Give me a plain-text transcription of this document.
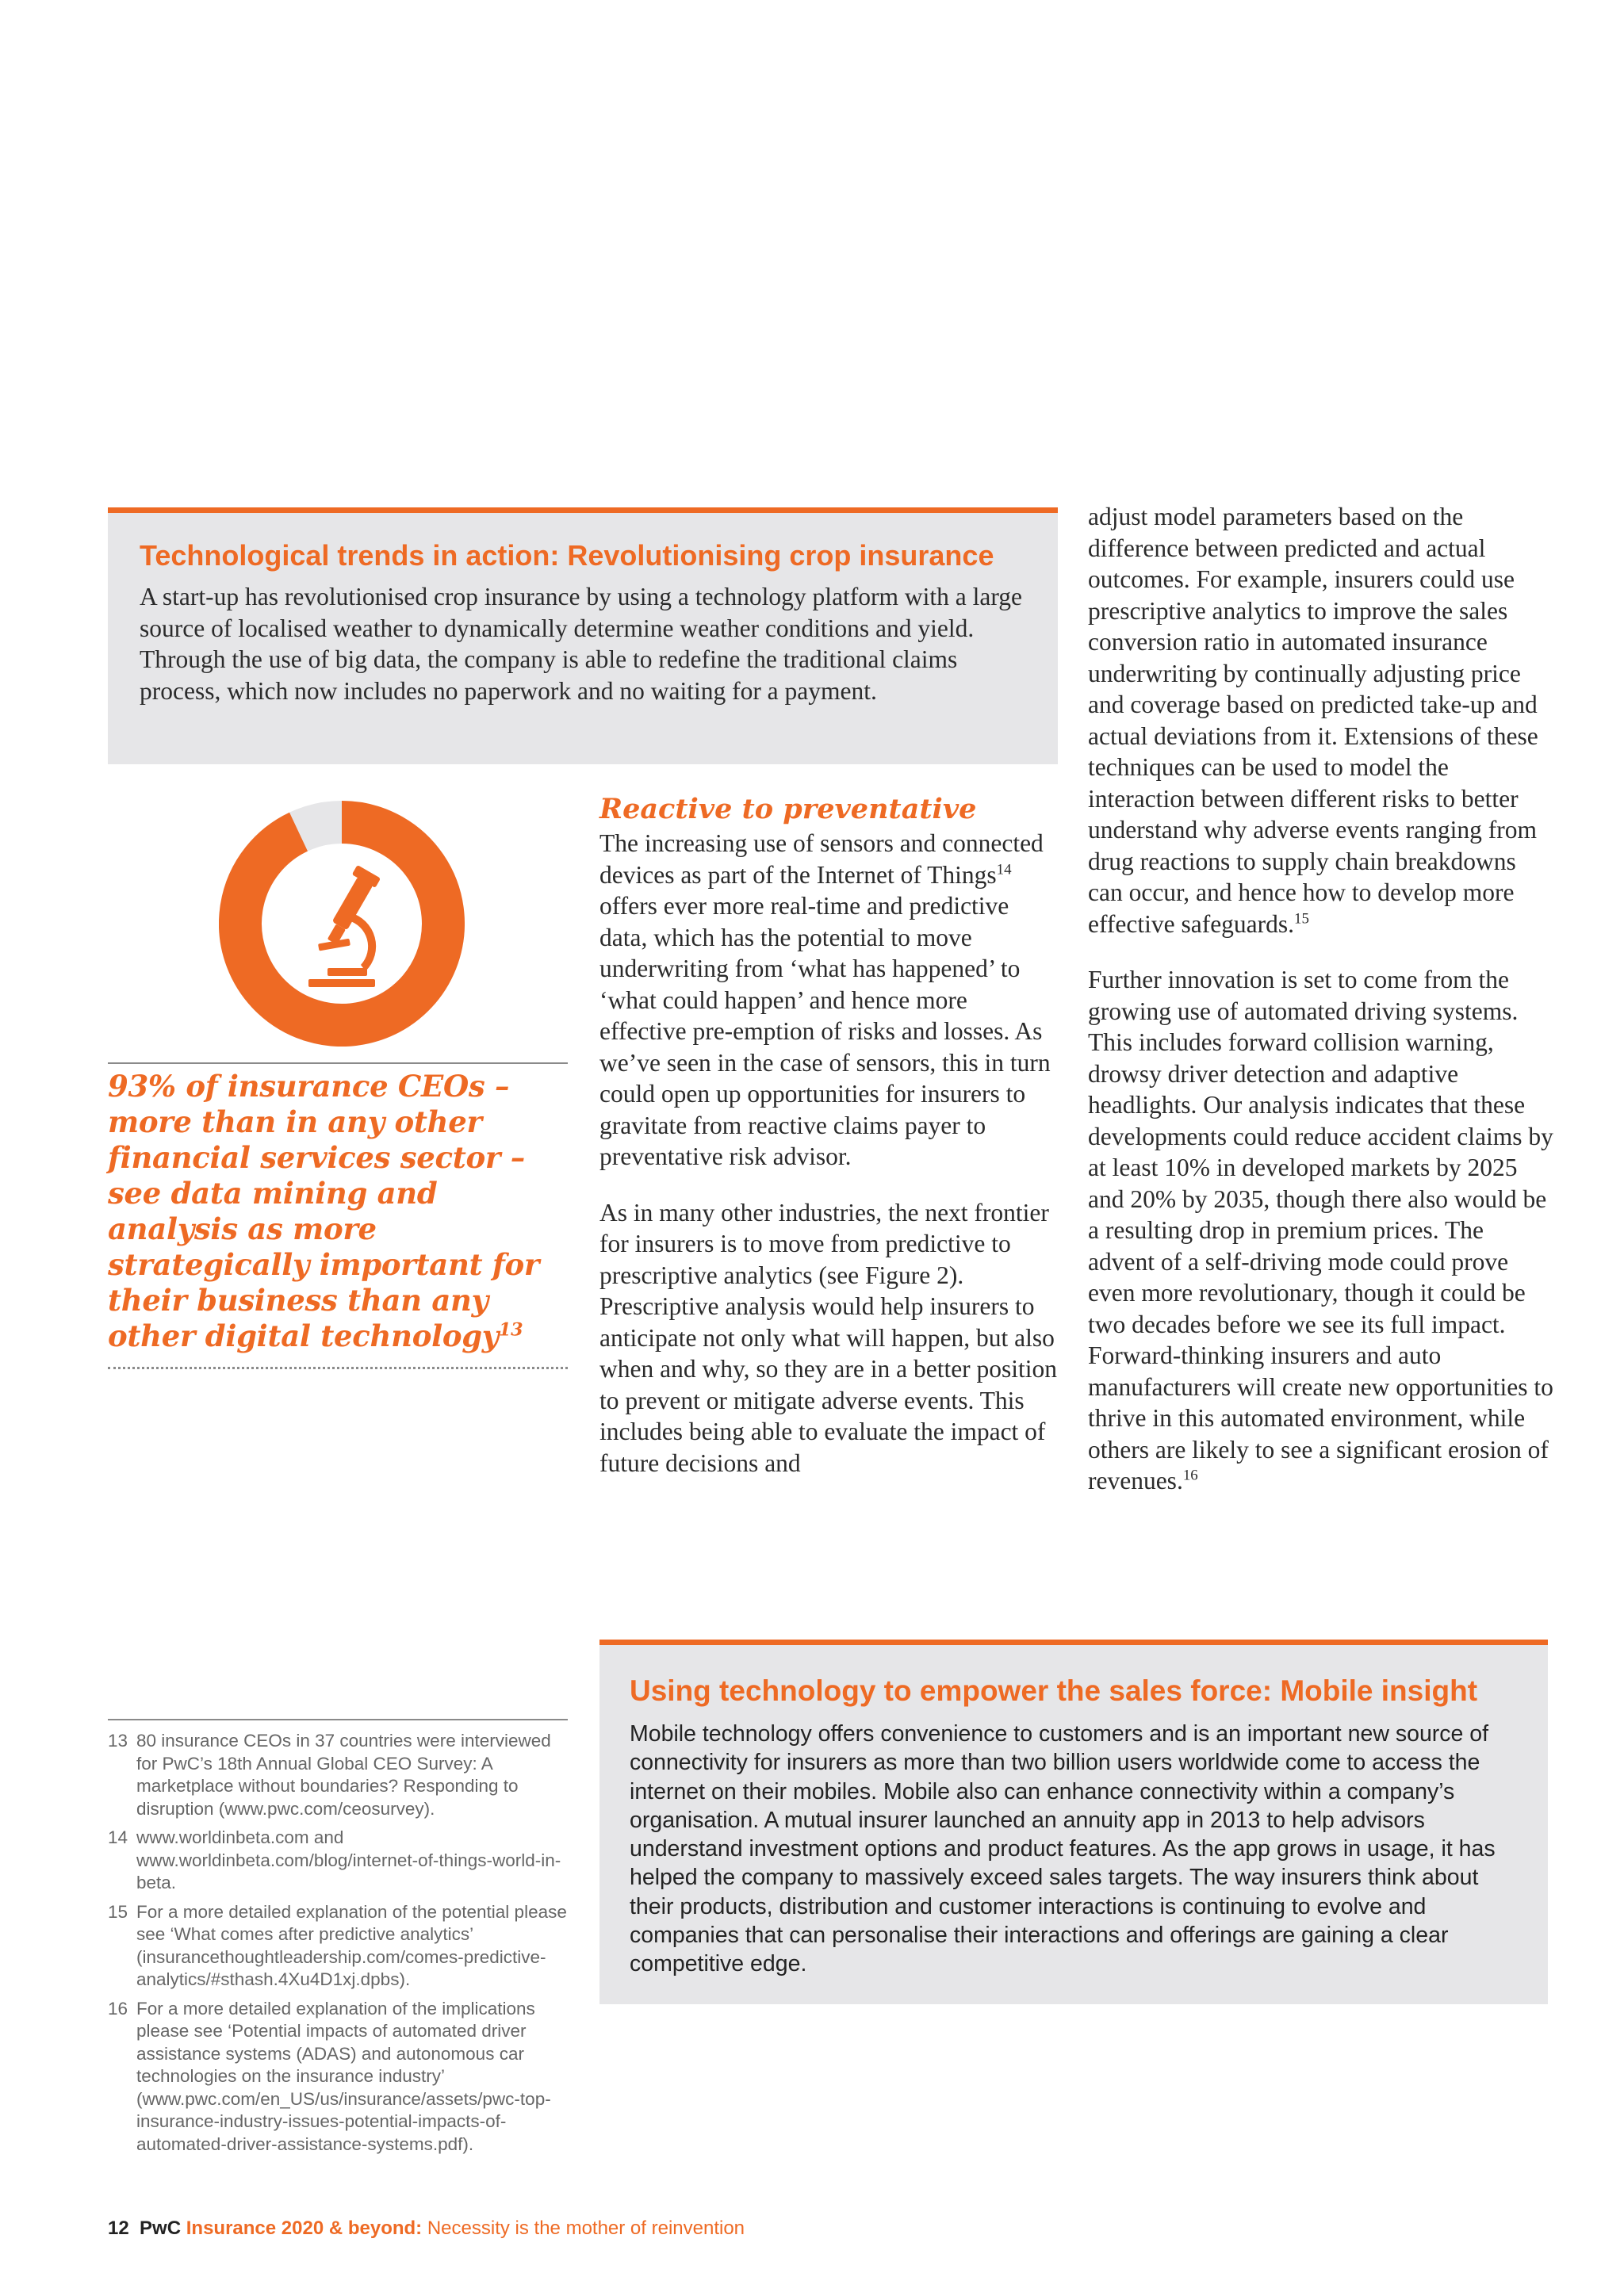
Technological trends in action: Revolutionising crop insurance

A start-up has revolutionised crop insurance by using a technology platform with a large source of localised weather to dynamically determine weather conditions and yield. Through the use of big data, the company is able to redefine the traditional claims process, which now includes no paperwork and no waiting for a payment.

93% of insurance CEOs – more than in any other financial services sector – see data mining and analysis as more strategically important for their business than any other digital technology$^{13}$

Reactive to preventative

The increasing use of sensors and connected devices as part of the Internet of Things$^{14}$ offers ever more real-time and predictive data, which has the potential to move underwriting from ‘what has happened’ to ‘what could happen’ and hence more effective pre-emption of risks and losses. As we’ve seen in the case of sensors, this in turn could open up opportunities for insurers to gravitate from reactive claims payer to preventative risk advisor.

As in many other industries, the next frontier for insurers is to move from predictive to prescriptive analytics (see Figure 2). Prescriptive analysis would help insurers to anticipate not only what will happen, but also when and why, so they are in a better position to prevent or mitigate adverse events. This includes being able to evaluate the impact of future decisions and

adjust model parameters based on the difference between predicted and actual outcomes. For example, insurers could use prescriptive analytics to improve the sales conversion ratio in automated insurance underwriting by continually adjusting price and coverage based on predicted take-up and actual deviations from it. Extensions of these techniques can be used to model the interaction between different risks to better understand why adverse events ranging from drug reactions to supply chain breakdowns can occur, and hence how to develop more effective safeguards.$^{15}$

Further innovation is set to come from the growing use of automated driving systems. This includes forward collision warning, drowsy driver detection and adaptive headlights. Our analysis indicates that these developments could reduce accident claims by at least 10% in developed markets by 2025 and 20% by 2035, though there also would be a resulting drop in premium prices. The advent of a self-driving mode could prove even more revolutionary, though it could be two decades before we see its full impact. Forward-thinking insurers and auto manufacturers will create new opportunities to thrive in this automated environment, while others are likely to see a significant erosion of revenues.$^{16}$

Using technology to empower the sales force: Mobile insight

Mobile technology offers convenience to customers and is an important new source of connectivity for insurers as more than two billion users worldwide come to access the internet on their mobiles. Mobile also can enhance connectivity within a company’s organisation. A mutual insurer launched an annuity app in 2013 to help advisors understand investment options and product features. As the app grows in usage, it has helped the company to massively exceed sales targets. The way insurers think about their products, distribution and customer interactions is continuing to evolve and companies that can personalise their interactions and offerings are gaining a clear competitive edge.

13 80 insurance CEOs in 37 countries were interviewed for PwC’s 18th Annual Global CEO Survey: A marketplace without boundaries? Responding to disruption (www.pwc.com/ceosurvey).
14 www.worldinbeta.com and www.worldinbeta.com/blog/internet-of-things-world-in-beta.
15 For a more detailed explanation of the potential please see ‘What comes after predictive analytics’ (insurancethoughtleadership.com/comes-predictive-analytics/#sthash.4Xu4D1xj.dpbs).
16 For a more detailed explanation of the implications please see ‘Potential impacts of automated driver assistance systems (ADAS) and autonomous car technologies on the insurance industry’ (www.pwc.com/en_US/us/insurance/assets/pwc-top-insurance-industry-issues-potential-impacts-of-automated-driver-assistance-systems.pdf).
12 PwC Insurance 2020 & beyond: Necessity is the mother of reinvention
